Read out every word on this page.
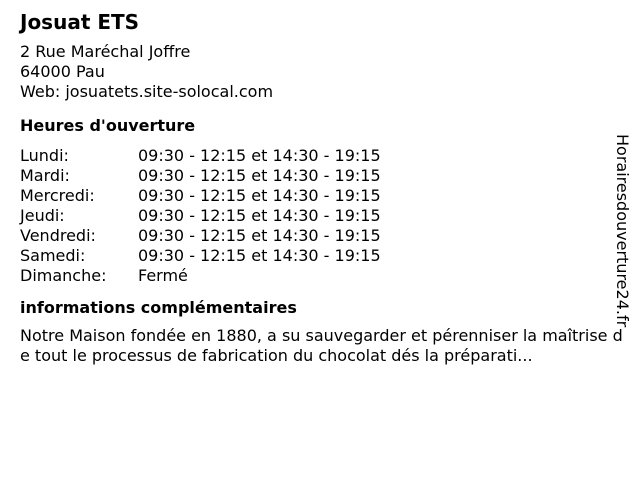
Josuat ETS
2 Rue Maréchal Joffre
64000 Pau
Web: josuatets.site-solocal.com
Heures d'ouverture
Lundi:	09:30 - 12:15 et 14:30 - 19:15
Mardi:	09:30 - 12:15 et 14:30 - 19:15
Mercredi:	09:30 - 12:15 et 14:30 - 19:15
Jeudi:	09:30 - 12:15 et 14:30 - 19:15
Vendredi:	09:30 - 12:15 et 14:30 - 19:15
Samedi:	09:30 - 12:15 et 14:30 - 19:15
Dimanche: Fermé
informations complémentaires
Notre Maison fondée en 1880, a su sauvegarder et pérenniser la maîtrise de tout le processus de fabrication du chocolat dés la préparati...
Horairesdouverture24.fr
